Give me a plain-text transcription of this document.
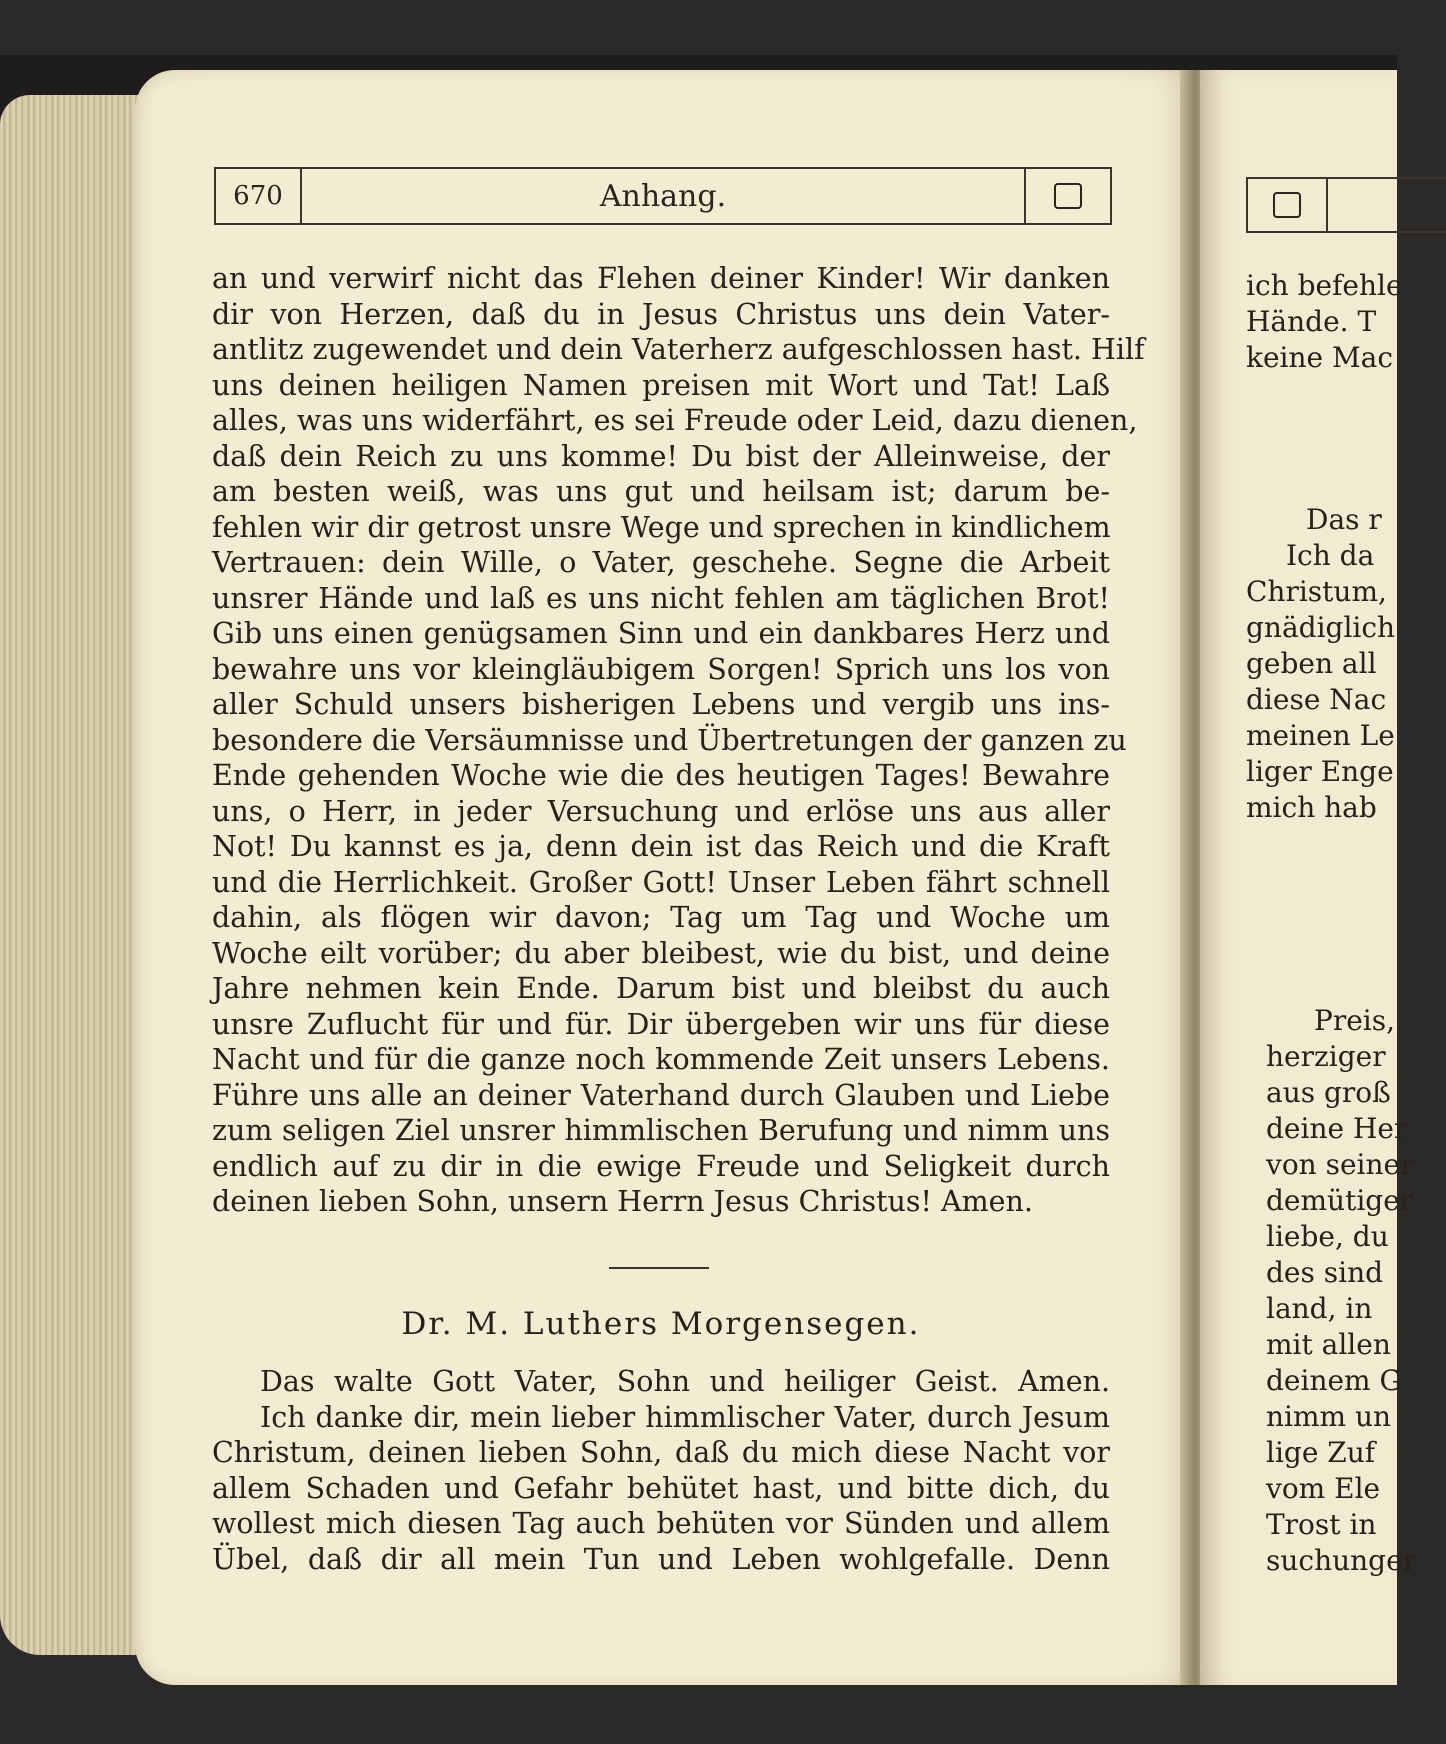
ich befehle
Hände. T
keine Mac
Das r
Ich da
Christum,
gnädiglich
geben all
diese Nac
meinen Le
liger Enge
mich hab
Preis,
herziger
aus groß
deine Her
von seiner
demütiger
liebe, du
des sind
land, in
mit allen
deinem G
nimm un
lige Zuf
vom Ele
Trost in
suchunger
670	Anhang.
an und verwirf nicht das Flehen deiner Kinder! Wir danken
dir von Herzen, daß du in Jesus Christus uns dein Vater-
antlitz zugewendet und dein Vaterherz aufgeschlossen hast. Hilf
uns deinen heiligen Namen preisen mit Wort und Tat! Laß
alles, was uns widerfährt, es sei Freude oder Leid, dazu dienen,
daß dein Reich zu uns komme! Du bist der Alleinweise, der
am besten weiß, was uns gut und heilsam ist; darum be-
fehlen wir dir getrost unsre Wege und sprechen in kindlichem
Vertrauen: dein Wille, o Vater, geschehe. Segne die Arbeit
unsrer Hände und laß es uns nicht fehlen am täglichen Brot!
Gib uns einen genügsamen Sinn und ein dankbares Herz und
bewahre uns vor kleingläubigem Sorgen! Sprich uns los von
aller Schuld unsers bisherigen Lebens und vergib uns ins-
besondere die Versäumnisse und Übertretungen der ganzen zu
Ende gehenden Woche wie die des heutigen Tages! Bewahre
uns, o Herr, in jeder Versuchung und erlöse uns aus aller
Not! Du kannst es ja, denn dein ist das Reich und die Kraft
und die Herrlichkeit. Großer Gott! Unser Leben fährt schnell
dahin, als flögen wir davon; Tag um Tag und Woche um
Woche eilt vorüber; du aber bleibest, wie du bist, und deine
Jahre nehmen kein Ende. Darum bist und bleibst du auch
unsre Zuflucht für und für. Dir übergeben wir uns für diese
Nacht und für die ganze noch kommende Zeit unsers Lebens.
Führe uns alle an deiner Vaterhand durch Glauben und Liebe
zum seligen Ziel unsrer himmlischen Berufung und nimm uns
endlich auf zu dir in die ewige Freude und Seligkeit durch
deinen lieben Sohn, unsern Herrn Jesus Christus! Amen.
Dr. M. Luthers Morgensegen.
Das walte Gott Vater, Sohn und heiliger Geist. Amen.
Ich danke dir, mein lieber himmlischer Vater, durch Jesum
Christum, deinen lieben Sohn, daß du mich diese Nacht vor
allem Schaden und Gefahr behütet hast, und bitte dich, du
wollest mich diesen Tag auch behüten vor Sünden und allem
Übel, daß dir all mein Tun und Leben wohlgefalle. Denn
